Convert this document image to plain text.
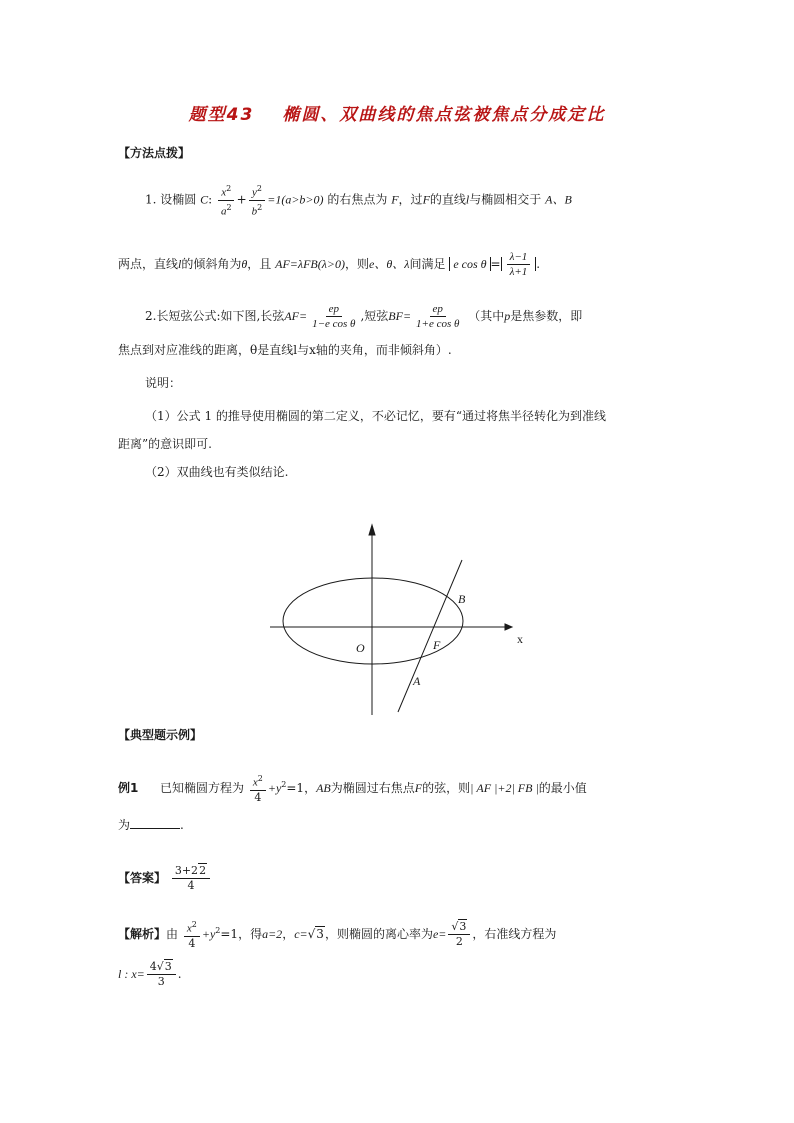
题型43 椭圆、双曲线的焦点弦被焦点分成定比
【方法点拨】
1. 设椭圆 C: $\frac{x^2}{a^2} + \frac{y^2}{b^2} =1(a>b>0)$ 的右焦点为 F，过F的直线l与椭圆相交于 A、B
两点，直线l的倾斜角为θ，且 AF=λFB(λ>0)，则e、θ、λ间满足 e $\cos \theta = \frac{\lambda-1}{\lambda+1}$ .
2.长短弦公式:如下图,长弦$AF= \frac{ep}{\text{1−e cos θ}}$ ,短弦$BF= \frac{ep}{\text{1+e cos θ}}$ （其中p是焦参数，即
焦点到对应准线的距离，θ是直线l与x轴的夹角，而非倾斜角）.
说明：
（1）公式 1 的推导使用椭圆的第二定义，不必记忆，要有“通过将焦半径转化为到准线
距离”的意识即可.
（2）双曲线也有类似结论.
B
O	F
A
x
【典型题示例】
例1 已知椭圆方程为 $\frac{x^2}{4} +y^2=1$，AB为椭圆过右焦点F的弦，则| AF |+2| FB |的最小值
为	.
【答案】 $\frac{3+22}{4}$
【解析】由 $\frac{x^2}{4} +y^2=1$，得a=2，c=√3，则椭圆的离心率为$e= \frac{√3}{2}$ ，右准线方程为
l : $x= \frac{4√3}{3}$ .
